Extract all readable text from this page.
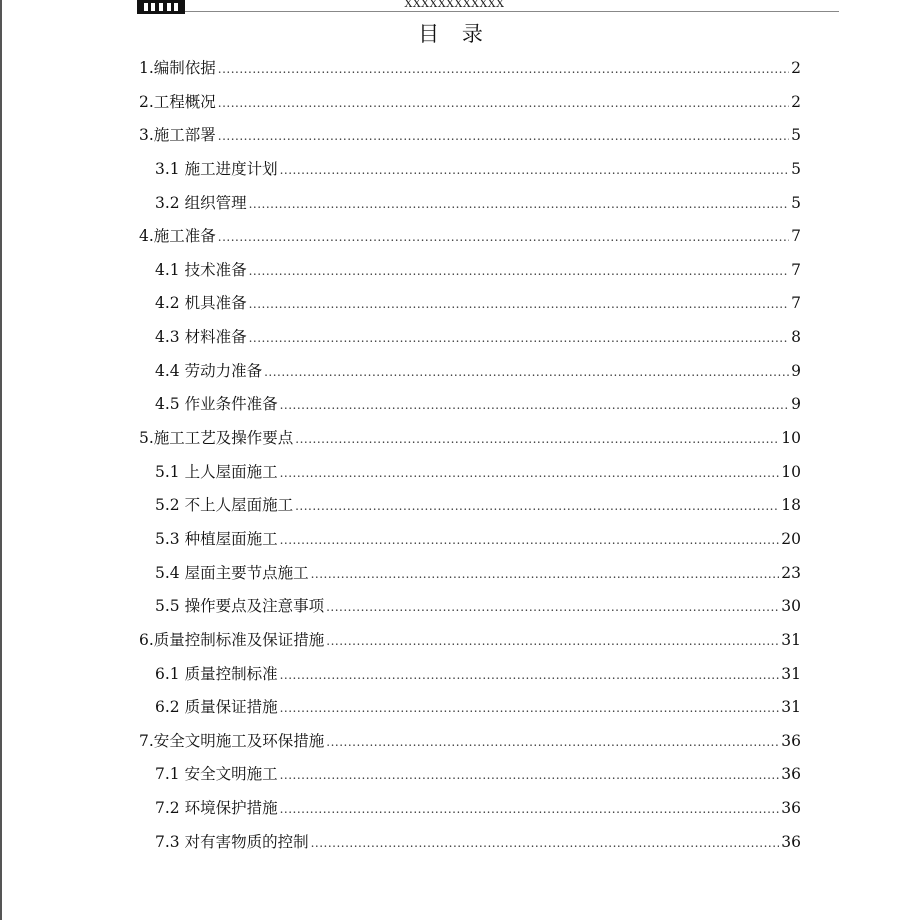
XXXXXXXXXXXX
目 录
1.编制依据 .....	2
2.工程概况 .....	2
3.施工部署 .....	5
3.1 施工进度计划 .....	5
3.2 组织管理 .....	5
4.施工准备 .....	7
4.1 技术准备 .....	7
4.2 机具准备 .....	7
4.3 材料准备 .....	8
4.4 劳动力准备 .....	9
4.5 作业条件准备 .....	9
5.施工工艺及操作要点 .....	10
5.1 上人屋面施工 .....	10
5.2 不上人屋面施工 .....	18
5.3 种植屋面施工 .....	20
5.4 屋面主要节点施工 .....	23
5.5 操作要点及注意事项 .....	30
6.质量控制标准及保证措施 .....	31
6.1 质量控制标准 .....	31
6.2 质量保证措施 .....	31
7.安全文明施工及环保措施 .....	36
7.1 安全文明施工 .....	36
7.2 环境保护措施 .....	36
7.3 对有害物质的控制 .....	36
